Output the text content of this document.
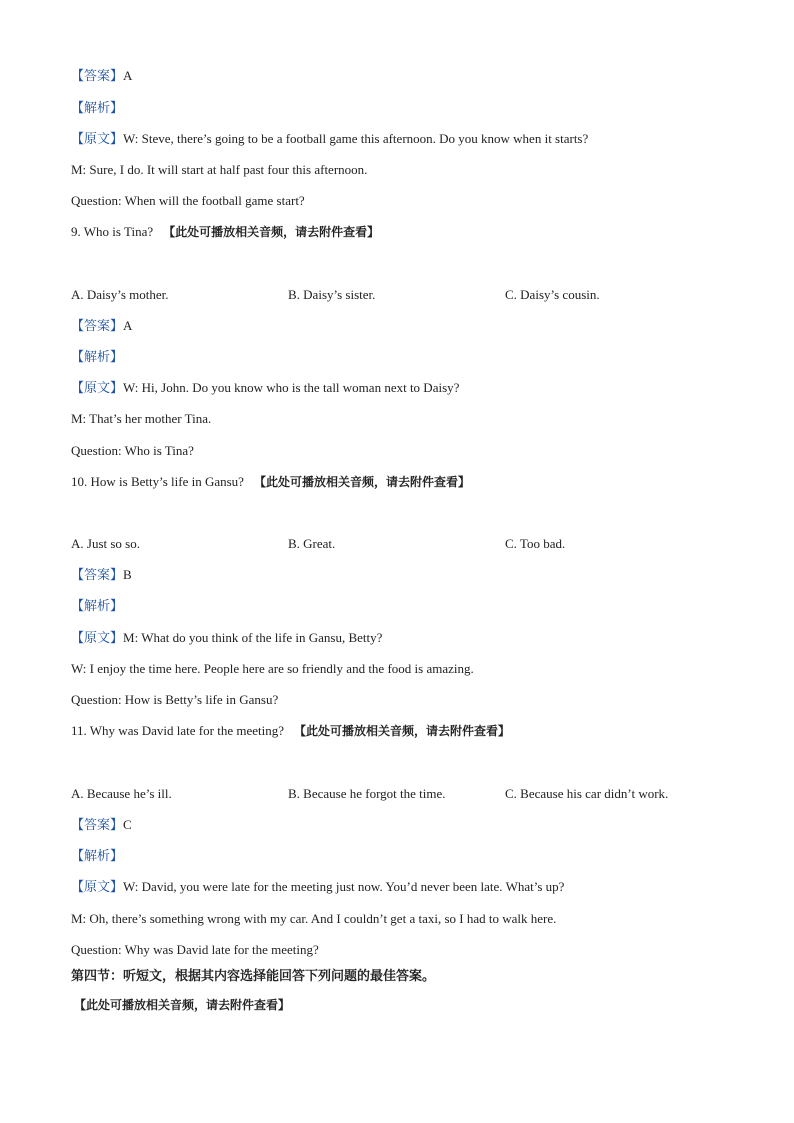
【答案】A
【解析】
【原文】W: Steve, there’s going to be a football game this afternoon. Do you know when it starts?
M: Sure, I do. It will start at half past four this afternoon.
Question: When will the football game start?
9. Who is Tina? 【此处可播放相关音频，请去附件查看】
A. Daisy’s mother.	B. Daisy’s sister.	C. Daisy’s cousin.
【答案】A
【解析】
【原文】W: Hi, John. Do you know who is the tall woman next to Daisy?
M: That’s her mother Tina.
Question: Who is Tina?
10. How is Betty’s life in Gansu? 【此处可播放相关音频，请去附件查看】
A. Just so so.	B. Great.	C. Too bad.
【答案】B
【解析】
【原文】M: What do you think of the life in Gansu, Betty?
W: I enjoy the time here. People here are so friendly and the food is amazing.
Question: How is Betty’s life in Gansu?
11. Why was David late for the meeting? 【此处可播放相关音频，请去附件查看】
A. Because he’s ill.	B. Because he forgot the time.	C. Because his car didn’t work.
【答案】C
【解析】
【原文】W: David, you were late for the meeting just now. You’d never been late. What’s up?
M: Oh, there’s something wrong with my car. And I couldn’t get a taxi, so I had to walk here.
Question: Why was David late for the meeting?
第四节：听短文，根据其内容选择能回答下列问题的最佳答案。
【此处可播放相关音频，请去附件查看】
